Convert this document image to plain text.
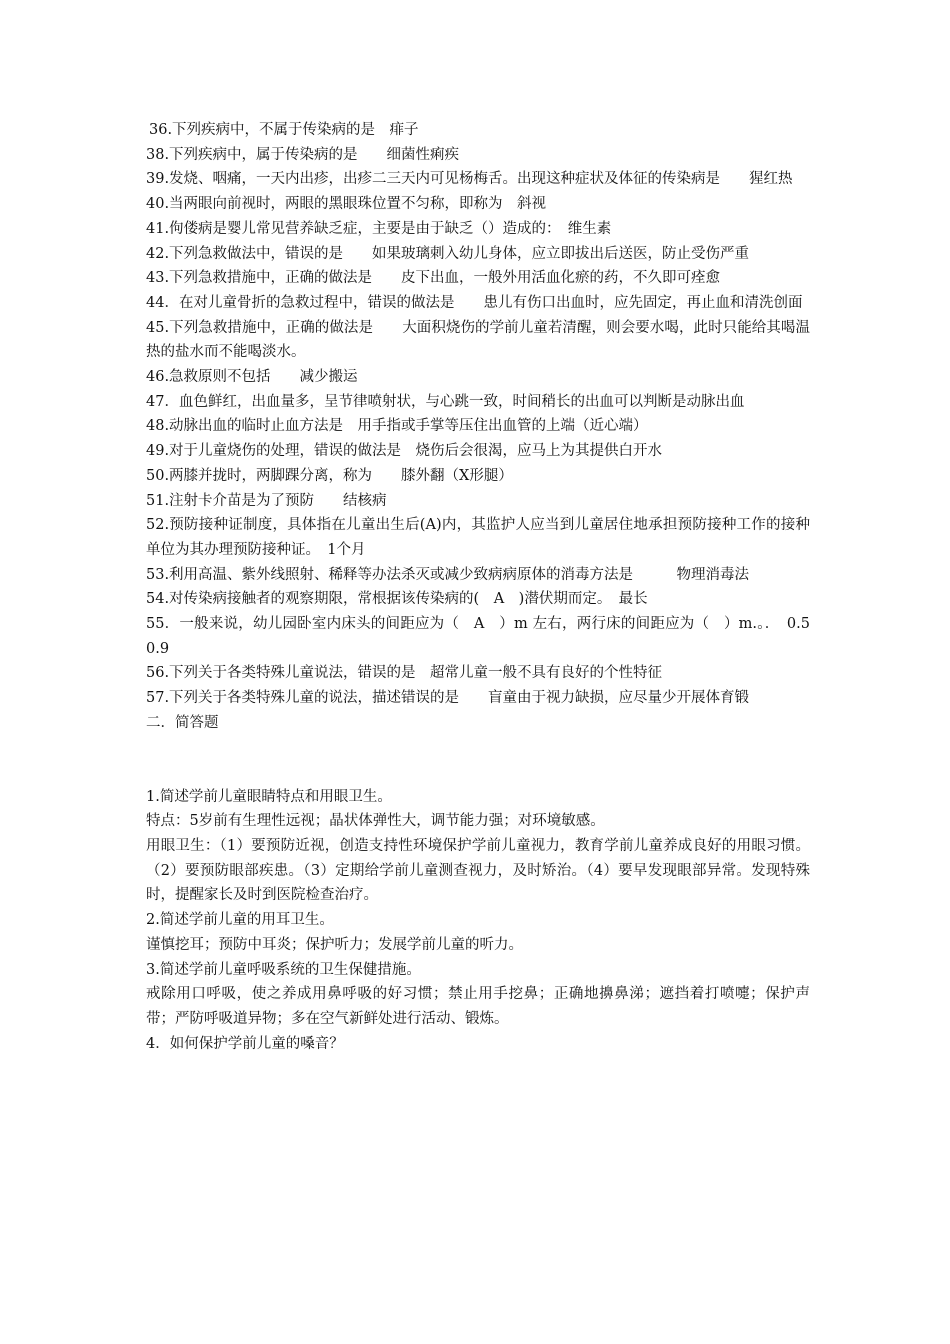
36.下列疾病中，不属于传染病的是　痱子

38.下列疾病中，属于传染病的是　　细菌性痢疾

39.发烧、咽痛，一天内出疹，出疹二三天内可见杨梅舌。出现这种症状及体征的传染病是　　猩红热

40.当两眼向前视时，两眼的黑眼珠位置不匀称，即称为　斜视

41.佝偻病是婴儿常见营养缺乏症，主要是由于缺乏（）造成的：　维生素

42.下列急救做法中，错误的是　　如果玻璃刺入幼儿身体，应立即拔出后送医，防止受伤严重

43.下列急救措施中，正确的做法是　　皮下出血，一般外用活血化瘀的药，不久即可痊愈

44．在对儿童骨折的急救过程中，错误的做法是　　患儿有伤口出血时，应先固定，再止血和清洗创面

45.下列急救措施中，正确的做法是　　大面积烧伤的学前儿童若清醒，则会要水喝，此时只能给其喝温热的盐水而不能喝淡水。

46.急救原则不包括　　减少搬运

47．血色鲜红，出血量多，呈节律喷射状，与心跳一致，时间稍长的出血可以判断是动脉出血

48.动脉出血的临时止血方法是　用手指或手掌等压住出血管的上端（近心端）

49.对于儿童烧伤的处理，错误的做法是　烧伤后会很渴，应马上为其提供白开水

50.两膝并拢时，两脚踝分离，称为　　膝外翻（X形腿）

51.注射卡介苗是为了预防　　结核病

52.预防接种证制度，具体指在儿童出生后(A)内，其监护人应当到儿童居住地承担预防接种工作的接种单位为其办理预防接种证。　1个月

53.利用高温、紫外线照射、稀释等办法杀灭或减少致病病原体的消毒方法是　　　物理消毒法

54.对传染病接触者的观察期限，常根据该传染病的(　A　)潜伏期而定。　最长

55．一般来说，幼儿园卧室内床头的间距应为（　A　）m 左右，两行床的间距应为（　）m.。．　0.5　0.9

56.下列关于各类特殊儿童说法，错误的是　超常儿童一般不具有良好的个性特征

57.下列关于各类特殊儿童的说法，描述错误的是　　盲童由于视力缺损，应尽量少开展体育锻

二．简答题

1.简述学前儿童眼睛特点和用眼卫生。

特点：5岁前有生理性远视；晶状体弹性大，调节能力强；对环境敏感。

用眼卫生：（1）要预防近视，创造支持性环境保护学前儿童视力，教育学前儿童养成良好的用眼习惯。（2）要预防眼部疾患。（3）定期给学前儿童测查视力，及时矫治。（4）要早发现眼部异常。发现特殊时，提醒家长及时到医院检查治疗。

2.简述学前儿童的用耳卫生。

谨慎挖耳；预防中耳炎；保护听力；发展学前儿童的听力。

3.简述学前儿童呼吸系统的卫生保健措施。

戒除用口呼吸，使之养成用鼻呼吸的好习惯；禁止用手挖鼻；正确地擤鼻涕；遮挡着打喷嚏；保护声带；严防呼吸道异物；多在空气新鲜处进行活动、锻炼。

4．如何保护学前儿童的嗓音？
